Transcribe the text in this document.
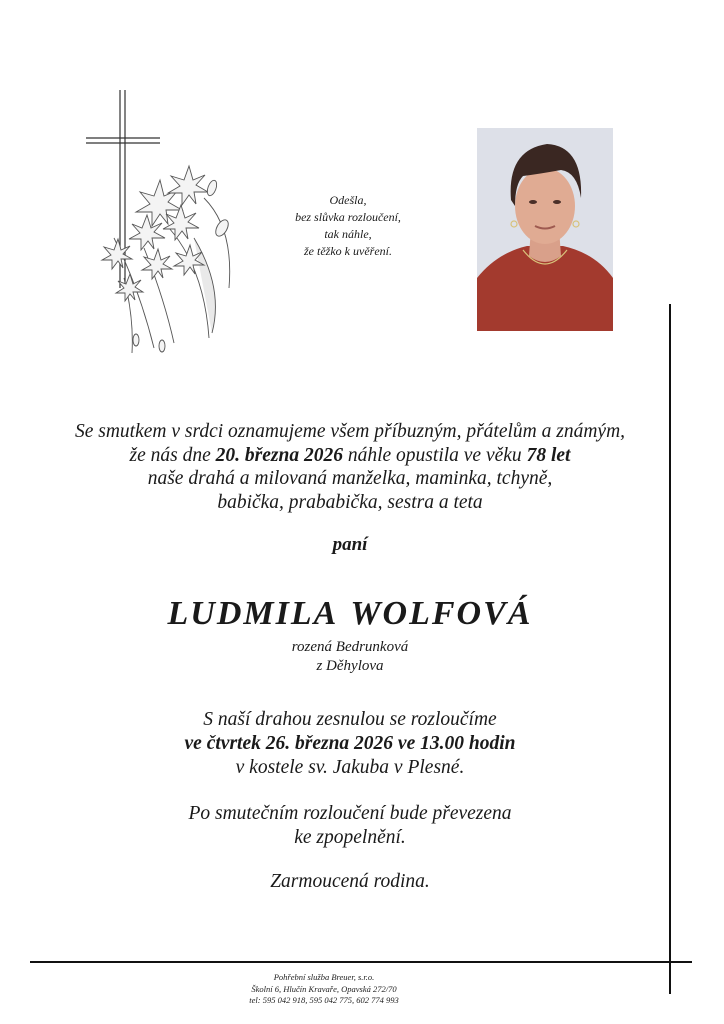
Odešla,
bez slůvka rozloučení,
tak náhle,
že těžko k uvěření.
Se smutkem v srdci oznamujeme všem příbuzným, přátelům a známým,
že nás dne 20. března 2026 náhle opustila ve věku 78 let
naše drahá a milovaná manželka, maminka, tchyně,
babička, prababička, sestra a teta
paní
LUDMILA WOLFOVÁ
rozená Bedrunková
z Děhylova
S naší drahou zesnulou se rozloučíme
ve čtvrtek 26. března 2026 ve 13.00 hodin
v kostele sv. Jakuba v Plesné.
Po smutečním rozloučení bude převezena
ke zpopelnění.
Zarmoucená rodina.
Pohřební služba Breuer, s.r.o.
Školní 6, Hlučín Kravaře, Opavská 272/70
tel: 595 042 918, 595 042 775, 602 774 993
